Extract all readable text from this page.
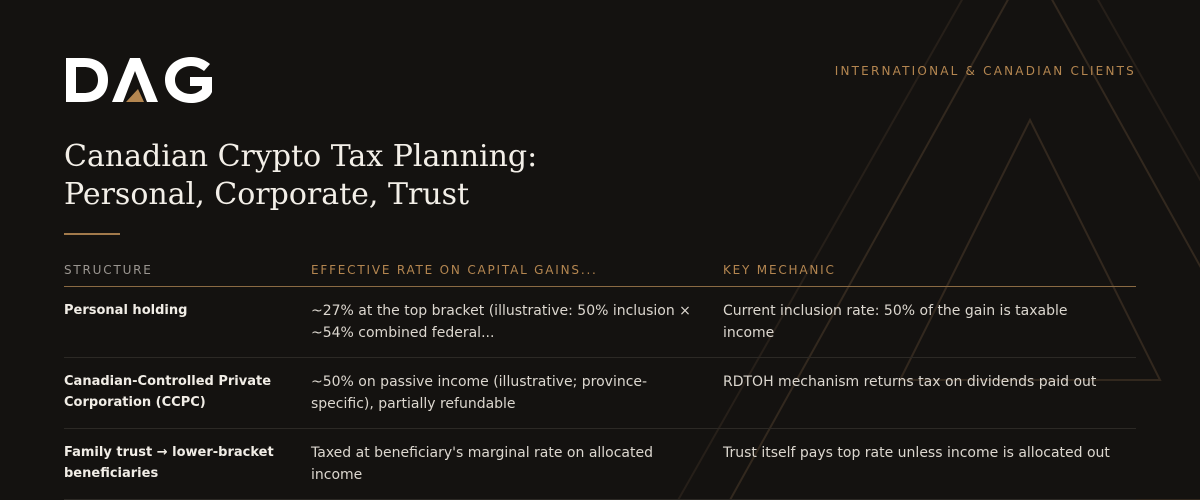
INTERNATIONAL & CANADIAN CLIENTS
Canadian Crypto Tax Planning:
Personal, Corporate, Trust
STRUCTURE	EFFECTIVE RATE ON CAPITAL GAINS...	KEY MECHANIC
Personal holding	~27% at the top bracket (illustrative: 50% inclusion × ~54% combined federal...	Current inclusion rate: 50% of the gain is taxable income
Canadian-Controlled Private Corporation (CCPC)	~50% on passive income (illustrative; province-specific), partially refundable	RDTOH mechanism returns tax on dividends paid out
Family trust → lower-bracket beneficiaries	Taxed at beneficiary's marginal rate on allocated income	Trust itself pays top rate unless income is allocated out
